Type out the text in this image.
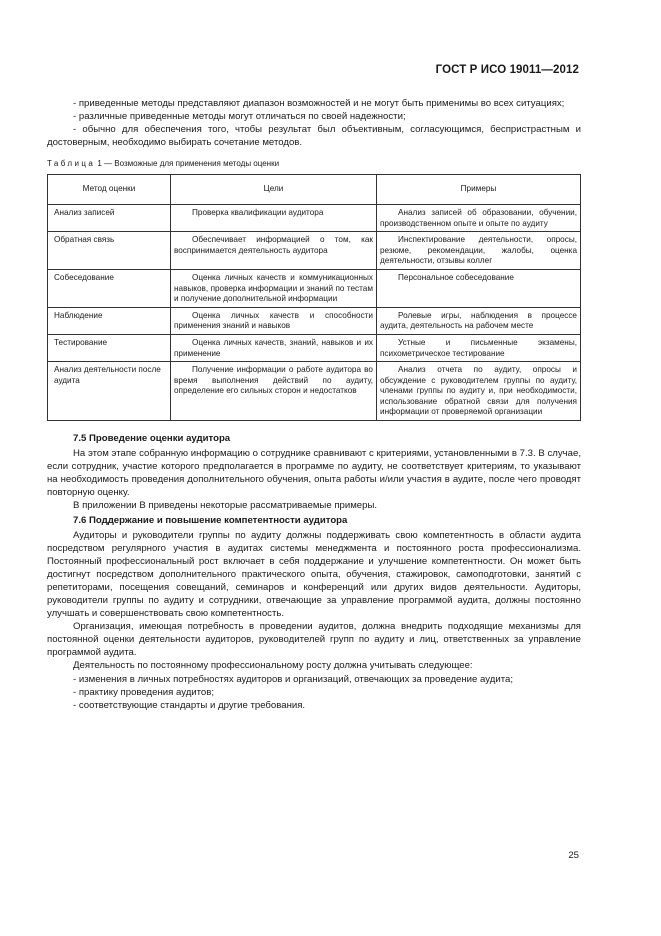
ГОСТ Р ИСО 19011—2012

- приведенные методы представляют диапазон возможностей и не могут быть применимы во всех ситуациях;

- различные приведенные методы могут отличаться по своей надежности;

- обычно для обеспечения того, чтобы результат был объективным, согласующимся, беспристрастным и достоверным, необходимо выбирать сочетание методов.

Таблица 1 — Возможные для применения методы оценки
Метод оценки	Цели	Примеры
Анализ записей	Проверка квалификации аудитора	Анализ записей об образовании, обучении, производственном опыте и опыте по аудиту
Обратная связь	Обеспечивает информацией о том, как воспринимается деятельность аудитора	Инспектирование деятельности, опросы, резюме, рекомендации, жалобы, оценка деятельности, отзывы коллег
Собеседование	Оценка личных качеств и коммуникационных навыков, проверка информации и знаний по тестам и получение дополнительной информации	Персональное собеседование
Наблюдение	Оценка личных качеств и способности применения знаний и навыков	Ролевые игры, наблюдения в процессе аудита, деятельность на рабочем месте
Тестирование	Оценка личных качеств, знаний, навыков и их применение	Устные и письменные экзамены, психометрическое тестирование
Анализ деятельности после аудита	Получение информации о работе аудитора во время выполнения действий по аудиту, определение его сильных сторон и недостатков	Анализ отчета по аудиту, опросы и обсуждение с руководителем группы по аудиту, членами группы по аудиту и, при необходимости, использование обратной связи для получения информации от проверяемой организации
7.5 Проведение оценки аудитора

На этом этапе собранную информацию о сотруднике сравнивают с критериями, установленными в 7.3. В случае, если сотрудник, участие которого предполагается в программе по аудиту, не соответствует критериям, то указывают на необходимость проведения дополнительного обучения, опыта работы и/или участия в аудите, после чего проводят повторную оценку.

В приложении В приведены некоторые рассматриваемые примеры.

7.6 Поддержание и повышение компетентности аудитора

Аудиторы и руководители группы по аудиту должны поддерживать свою компетентность в области аудита посредством регулярного участия в аудитах системы менеджмента и постоянного роста профессионализма. Постоянный профессиональный рост включает в себя поддержание и улучшение компетентности. Он может быть достигнут посредством дополнительного практического опыта, обучения, стажировок, самоподготовки, занятий с репетиторами, посещения совещаний, семинаров и конференций или других видов деятельности. Аудиторы, руководители группы по аудиту и сотрудники, отвечающие за управление программой аудита, должны постоянно улучшать и совершенствовать свою компетентность.

Организация, имеющая потребность в проведении аудитов, должна внедрить подходящие механизмы для постоянной оценки деятельности аудиторов, руководителей групп по аудиту и лиц, ответственных за управление программой аудита.

Деятельность по постоянному профессиональному росту должна учитывать следующее:

- изменения в личных потребностях аудиторов и организаций, отвечающих за проведение аудита;

- практику проведения аудитов;

- соответствующие стандарты и другие требования.

25
